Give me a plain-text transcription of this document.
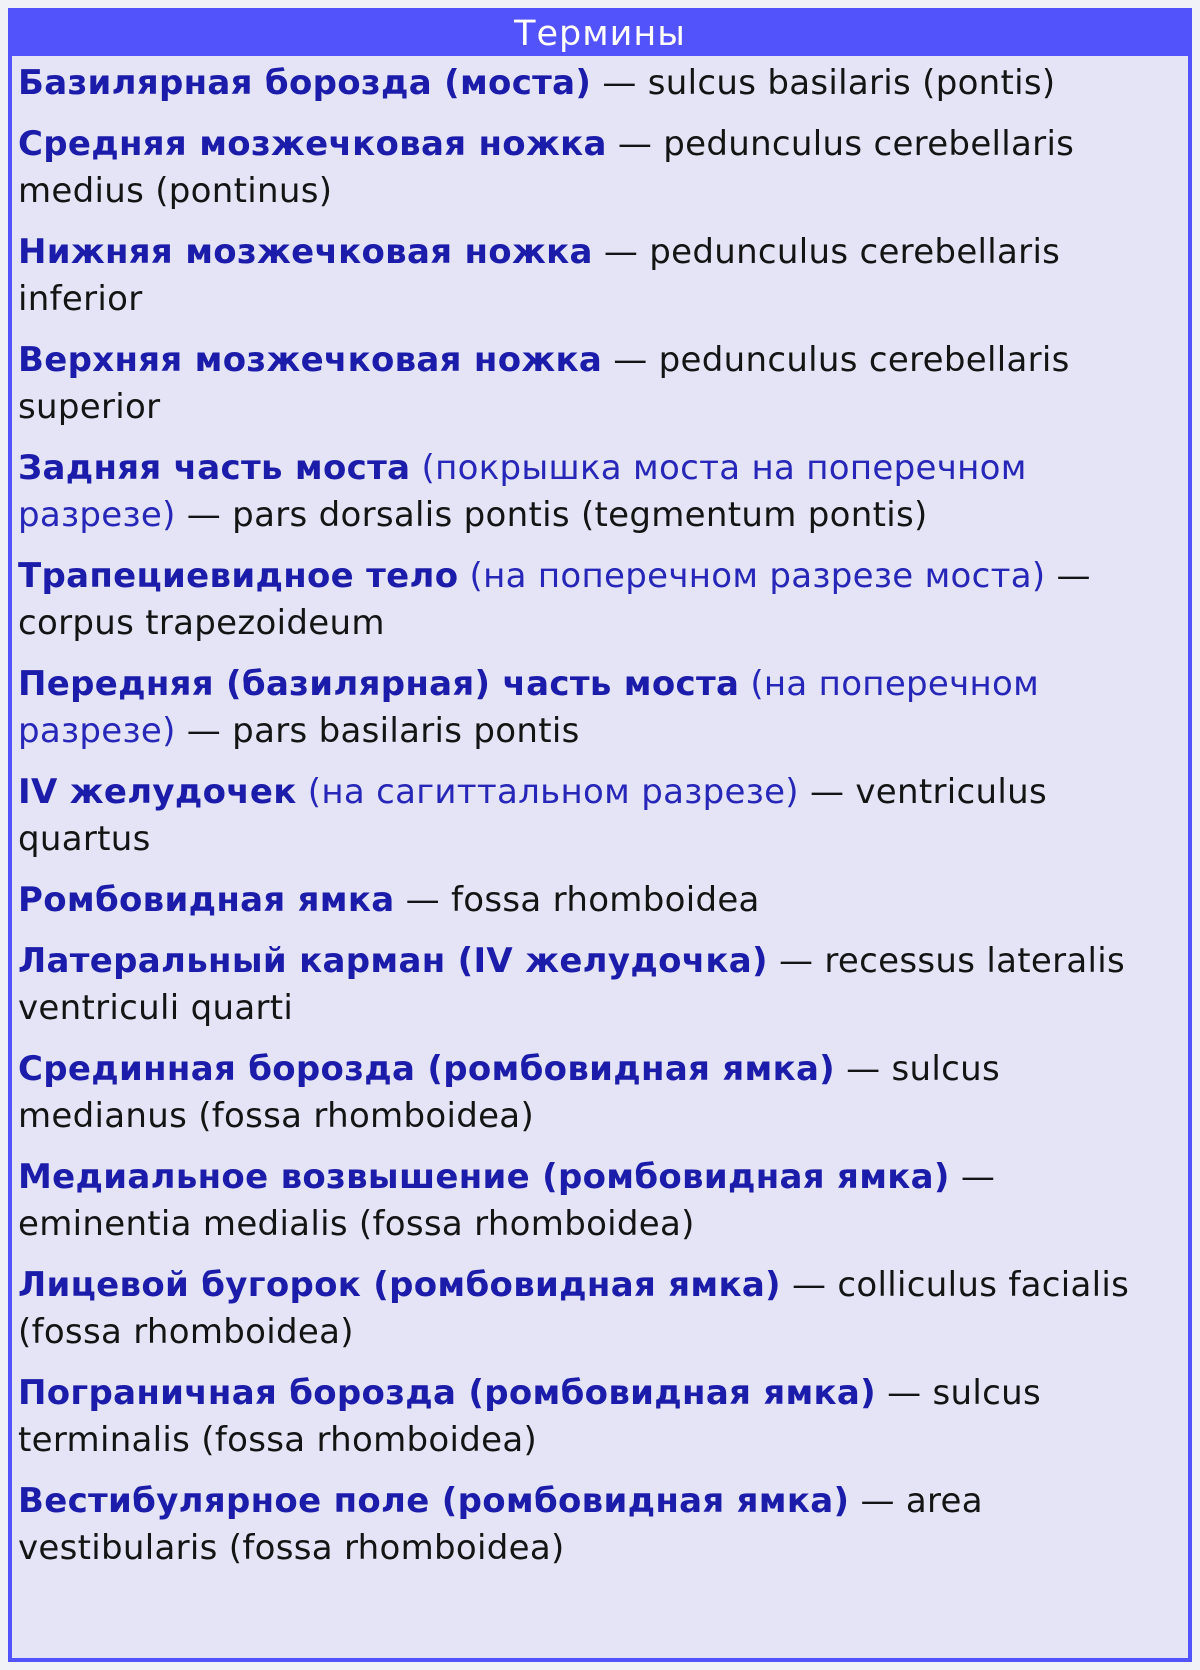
Термины
Базилярная борозда (моста) — sulcus basilaris (pontis)
Средняя мозжечковая ножка — pedunculus cerebellaris medius (pontinus)
Нижняя мозжечковая ножка — pedunculus cerebellaris inferior
Верхняя мозжечковая ножка — pedunculus cerebellaris superior
Задняя часть моста (покрышка моста на поперечном разрезе) — pars dorsalis pontis (tegmentum pontis)
Трапециевидное тело (на поперечном разрезе моста) — corpus trapezoideum
Передняя (базилярная) часть моста (на поперечном разрезе) — pars basilaris pontis
IV желудочек (на сагиттальном разрезе) — ventriculus quartus
Ромбовидная ямка — fossa rhomboidea
Латеральный карман (IV желудочка) — recessus lateralis ventriculi quarti
Срединная борозда (ромбовидная ямка) — sulcus medianus (fossa rhomboidea)
Медиальное возвышение (ромбовидная ямка) — eminentia medialis (fossa rhomboidea)
Лицевой бугорок (ромбовидная ямка) — colliculus facialis (fossa rhomboidea)
Пограничная борозда (ромбовидная ямка) — sulcus terminalis (fossa rhomboidea)
Вестибулярное поле (ромбовидная ямка) — area vestibularis (fossa rhomboidea)
